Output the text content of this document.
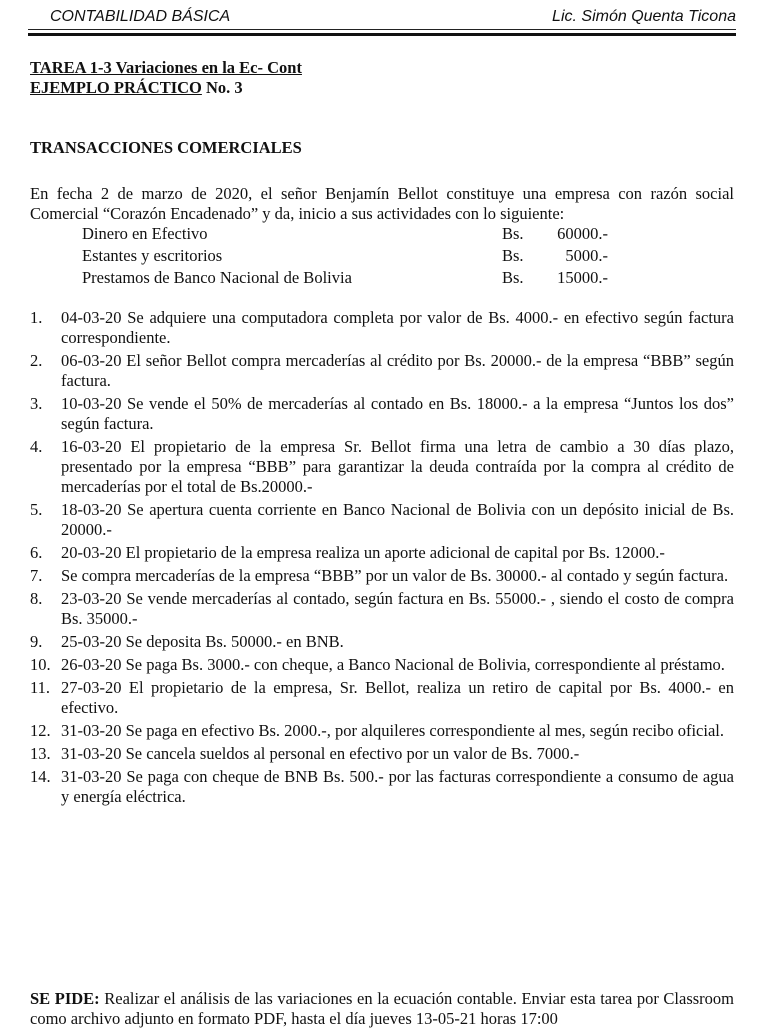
CONTABILIDAD BÁSICA	Lic. Simón Quenta Ticona

TAREA 1-3 Variaciones en la Ec- Cont

EJEMPLO PRÁCTICO No. 3

TRANSACCIONES COMERCIALES

En fecha 2 de marzo de 2020, el señor Benjamín Bellot constituye una empresa con razón social Comercial “Corazón Encadenado” y da, inicio a sus actividades con lo siguiente:

Dinero en Efectivo	Bs.	60000.-
Estantes y escritorios	Bs.	5000.-
Prestamos de Banco Nacional de Bolivia	Bs.	15000.-
1.	04-03-20 Se adquiere una computadora completa por valor de Bs. 4000.- en efectivo según factura correspondiente.
2.	06-03-20 El señor Bellot compra mercaderías al crédito por Bs. 20000.- de la empresa “BBB” según factura.
3.	10-03-20 Se vende el 50% de mercaderías al contado en Bs. 18000.- a la empresa “Juntos los dos” según factura.
4.	16-03-20 El propietario de la empresa Sr. Bellot firma una letra de cambio a 30 días plazo, presentado por la empresa “BBB” para garantizar la deuda contraída por la compra al crédito de mercaderías por el total de Bs.20000.-
5.	18-03-20 Se apertura cuenta corriente en Banco Nacional de Bolivia con un depósito inicial de Bs. 20000.-
6.	20-03-20 El propietario de la empresa realiza un aporte adicional de capital por Bs. 12000.-
7.	Se compra mercaderías de la empresa “BBB” por un valor de Bs. 30000.- al contado y según factura.
8.	23-03-20 Se vende mercaderías al contado, según factura en Bs. 55000.- , siendo el costo de compra Bs. 35000.-
9.	25-03-20 Se deposita Bs. 50000.- en BNB.
10. 26-03-20 Se paga Bs. 3000.- con cheque, a Banco Nacional de Bolivia, correspondiente al préstamo.
11. 27-03-20 El propietario de la empresa, Sr. Bellot, realiza un retiro de capital por Bs. 4000.- en efectivo.
12. 31-03-20 Se paga en efectivo Bs. 2000.-, por alquileres correspondiente al mes, según recibo oficial.
13. 31-03-20 Se cancela sueldos al personal en efectivo por un valor de Bs. 7000.-
14. 31-03-20 Se paga con cheque de BNB Bs. 500.- por las facturas correspondiente a consumo de agua y energía eléctrica.

SE PIDE: Realizar el análisis de las variaciones en la ecuación contable. Enviar esta tarea por Classroom como archivo adjunto en formato PDF, hasta el día jueves 13-05-21 horas 17:00
